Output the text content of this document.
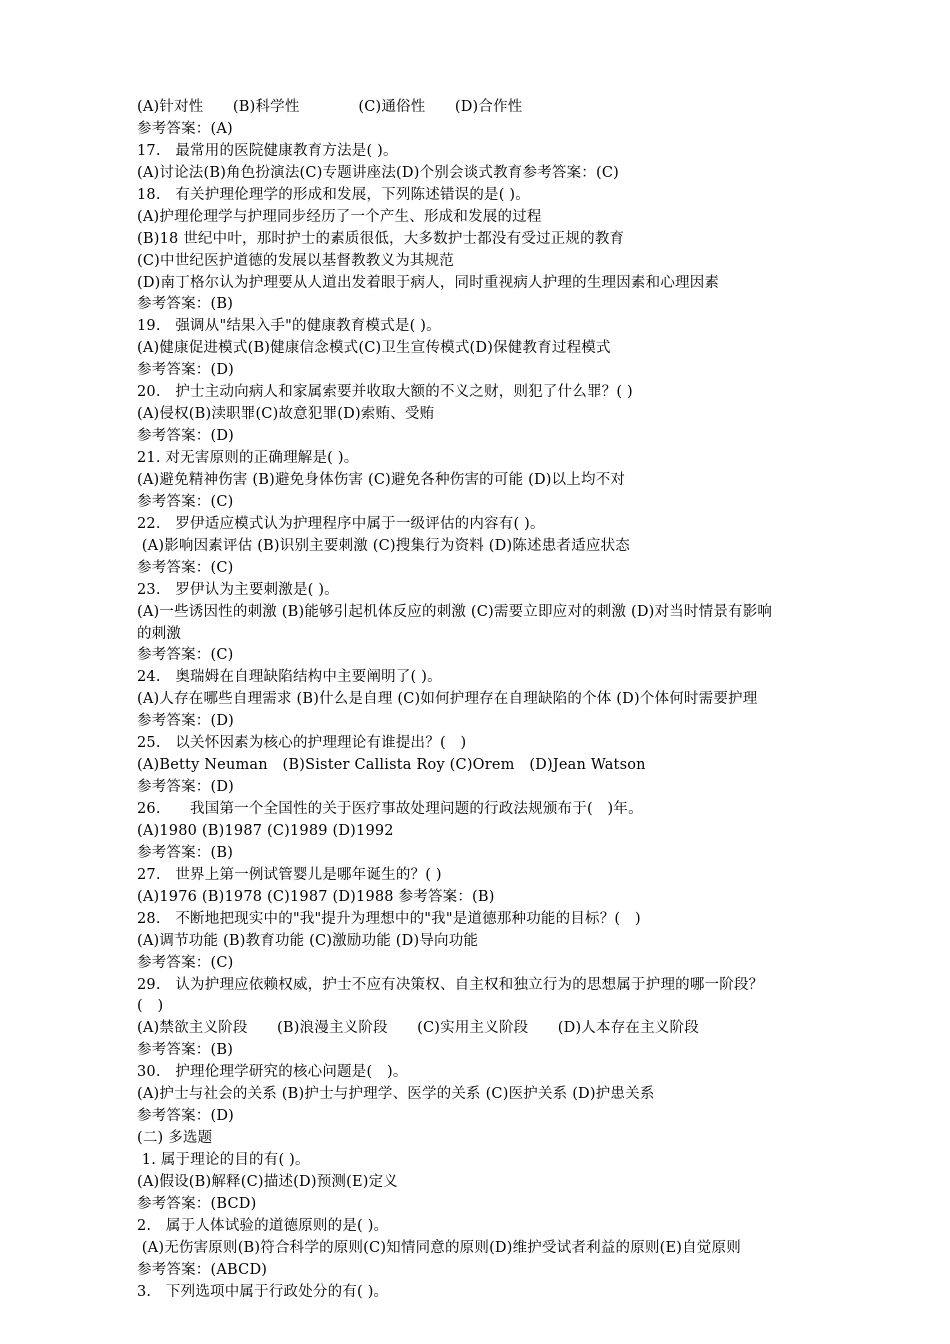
(A)针对性　　(B)科学性　　　　(C)通俗性　　(D)合作性
参考答案：(A)
17.　最常用的医院健康教育方法是( )。
(A)讨论法(B)角色扮演法(C)专题讲座法(D)个别会谈式教育参考答案：(C)
18.　有关护理伦理学的形成和发展，下列陈述错误的是( )。
(A)护理伦理学与护理同步经历了一个产生、形成和发展的过程
(B)18 世纪中叶，那时护士的素质很低，大多数护士都没有受过正规的教育
(C)中世纪医护道德的发展以基督教教义为其规范
(D)南丁格尔认为护理要从人道出发着眼于病人，同时重视病人护理的生理因素和心理因素
参考答案：(B)
19.　强调从"结果入手"的健康教育模式是( )。
(A)健康促进模式(B)健康信念模式(C)卫生宣传模式(D)保健教育过程模式
参考答案：(D)
20.　护士主动向病人和家属索要并收取大额的不义之财，则犯了什么罪？( )
(A)侵权(B)渎职罪(C)故意犯罪(D)索贿、受贿
参考答案：(D)
21. 对无害原则的正确理解是( )。
(A)避免精神伤害 (B)避免身体伤害 (C)避免各种伤害的可能 (D)以上均不对
参考答案：(C)
22.　罗伊适应模式认为护理程序中属于一级评估的内容有( )。
(A)影响因素评估 (B)识别主要刺激 (C)搜集行为资料 (D)陈述患者适应状态
参考答案：(C)
23.　罗伊认为主要刺激是( )。
(A)一些诱因性的刺激 (B)能够引起机体反应的刺激 (C)需要立即应对的刺激 (D)对当时情景有影响
的刺激
参考答案：(C)
24.　奥瑞姆在自理缺陷结构中主要阐明了( )。
(A)人存在哪些自理需求 (B)什么是自理 (C)如何护理存在自理缺陷的个体 (D)个体何时需要护理
参考答案：(D)
25.　以关怀因素为核心的护理理论有谁提出？(　)
(A)Betty Neuman　(B)Sister Callista Roy (C)Orem　(D)Jean Watson
参考答案：(D)
26.　　我国第一个全国性的关于医疗事故处理问题的行政法规颁布于(　)年。
(A)1980 (B)1987 (C)1989 (D)1992
参考答案：(B)
27.　世界上第一例试管婴儿是哪年诞生的？( )
(A)1976 (B)1978 (C)1987 (D)1988 参考答案：(B)
28.　不断地把现实中的"我"提升为理想中的"我"是道德那种功能的目标？(　)
(A)调节功能 (B)教育功能 (C)激励功能 (D)导向功能
参考答案：(C)
29.　认为护理应依赖权威，护士不应有决策权、自主权和独立行为的思想属于护理的哪一阶段？
(　)
(A)禁欲主义阶段　　(B)浪漫主义阶段　　(C)实用主义阶段　　(D)人本存在主义阶段
参考答案：(B)
30.　护理伦理学研究的核心问题是(　)。
(A)护士与社会的关系 (B)护士与护理学、医学的关系 (C)医护关系 (D)护患关系
参考答案：(D)
(二) 多选题
1. 属于理论的目的有( )。
(A)假设(B)解释(C)描述(D)预测(E)定义
参考答案：(BCD)
2.　属于人体试验的道德原则的是( )。
(A)无伤害原则(B)符合科学的原则(C)知情同意的原则(D)维护受试者利益的原则(E)自觉原则
参考答案：(ABCD)
3.　下列选项中属于行政处分的有( )。
